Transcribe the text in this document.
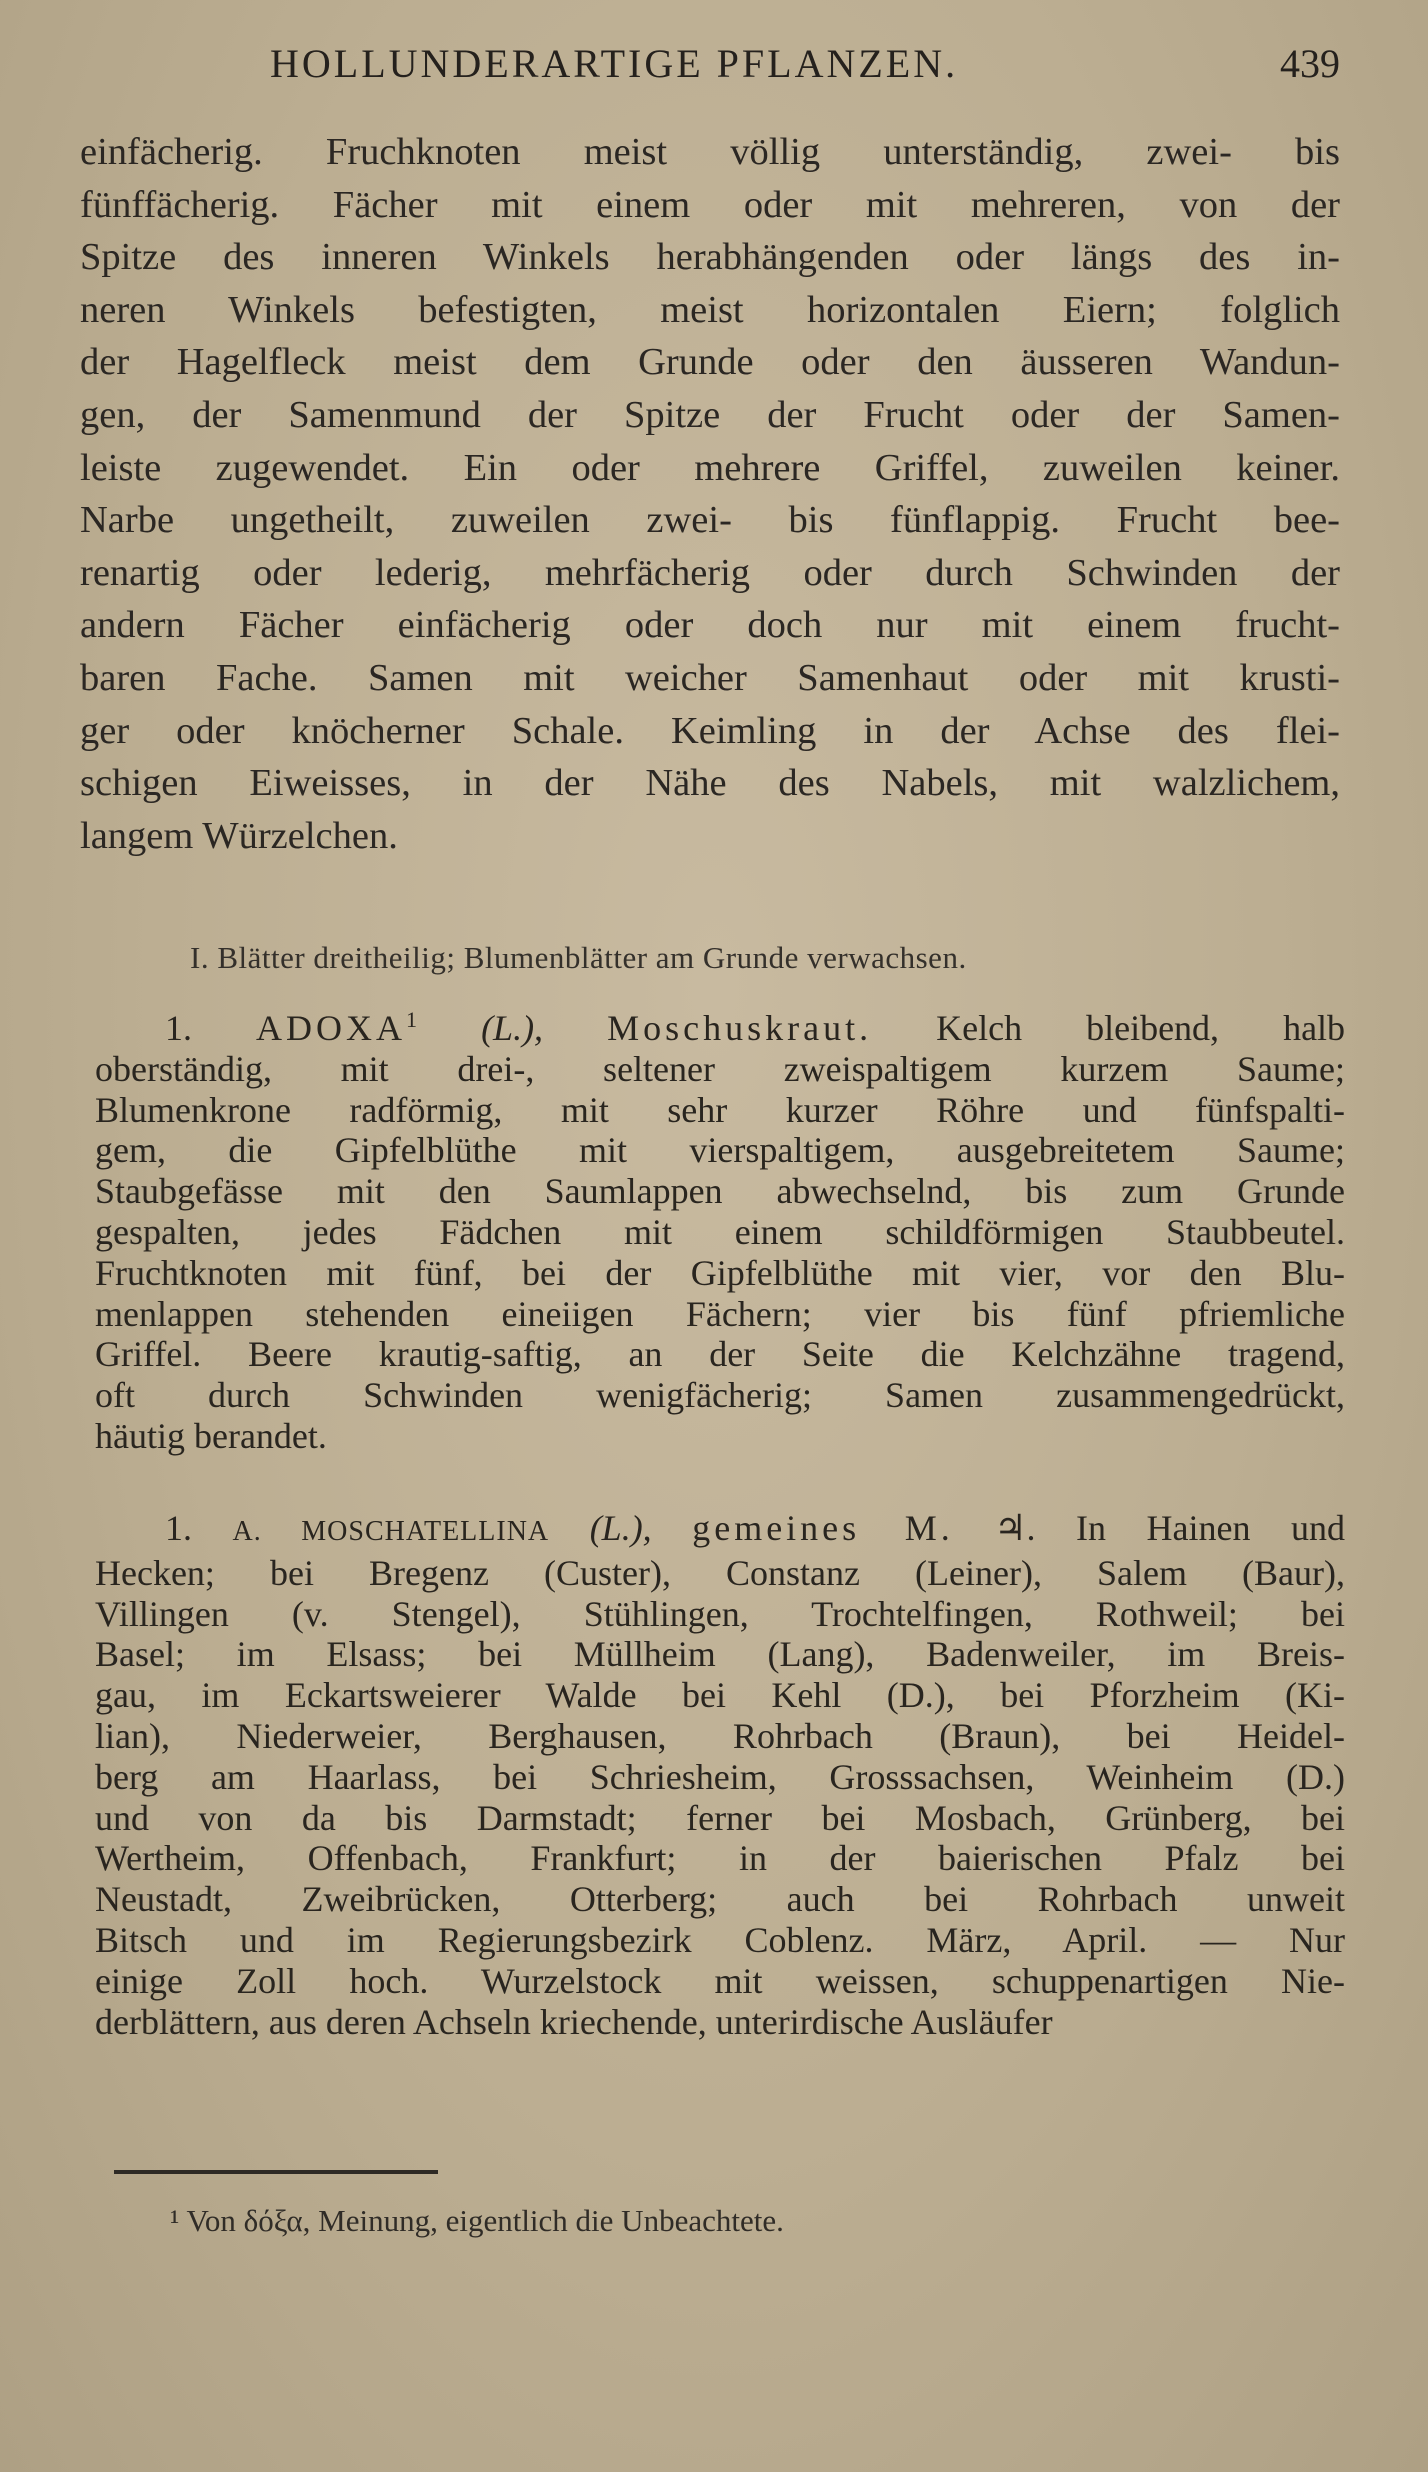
HOLLUNDERARTIGE PFLANZEN.	439
einfächerig. Fruchknoten meist völlig unterständig, zwei- bis
fünffächerig. Fächer mit einem oder mit mehreren, von der
Spitze des inneren Winkels herabhängenden oder längs des in-
neren Winkels befestigten, meist horizontalen Eiern; folglich
der Hagelfleck meist dem Grunde oder den äusseren Wandun-
gen, der Samenmund der Spitze der Frucht oder der Samen-
leiste zugewendet. Ein oder mehrere Griffel, zuweilen keiner.
Narbe ungetheilt, zuweilen zwei- bis fünflappig. Frucht bee-
renartig oder lederig, mehrfächerig oder durch Schwinden der
andern Fächer einfächerig oder doch nur mit einem frucht-
baren Fache. Samen mit weicher Samenhaut oder mit krusti-
ger oder knöcherner Schale. Keimling in der Achse des flei-
schigen Eiweisses, in der Nähe des Nabels, mit walzlichem,
langem Würzelchen.
I. Blätter dreitheilig; Blumenblätter am Grunde verwachsen.
1. ADOXA$^1$ (L.), Moschuskraut. Kelch bleibend, halb
oberständig, mit drei-, seltener zweispaltigem kurzem Saume;
Blumenkrone radförmig, mit sehr kurzer Röhre und fünfspalti-
gem, die Gipfelblüthe mit vierspaltigem, ausgebreitetem Saume;
Staubgefässe mit den Saumlappen abwechselnd, bis zum Grunde
gespalten, jedes Fädchen mit einem schildförmigen Staubbeutel.
Fruchtknoten mit fünf, bei der Gipfelblüthe mit vier, vor den Blu-
menlappen stehenden eineiigen Fächern; vier bis fünf pfriemliche
Griffel. Beere krautig-saftig, an der Seite die Kelchzähne tragend,
oft durch Schwinden wenigfächerig; Samen zusammengedrückt,
häutig berandet.
1. A. MOSCHATELLINA (L.), gemeines M. ♃. In Hainen und
Hecken; bei Bregenz (Custer), Constanz (Leiner), Salem (Baur),
Villingen (v. Stengel), Stühlingen, Trochtelfingen, Rothweil; bei
Basel; im Elsass; bei Müllheim (Lang), Badenweiler, im Breis-
gau, im Eckartsweierer Walde bei Kehl (D.), bei Pforzheim (Ki-
lian), Niederweier, Berghausen, Rohrbach (Braun), bei Heidel-
berg am Haarlass, bei Schriesheim, Grosssachsen, Weinheim (D.)
und von da bis Darmstadt; ferner bei Mosbach, Grünberg, bei
Wertheim, Offenbach, Frankfurt; in der baierischen Pfalz bei
Neustadt, Zweibrücken, Otterberg; auch bei Rohrbach unweit
Bitsch und im Regierungsbezirk Coblenz. März, April. — Nur
einige Zoll hoch. Wurzelstock mit weissen, schuppenartigen Nie-
derblättern, aus deren Achseln kriechende, unterirdische Ausläufer
¹ Von δόξα, Meinung, eigentlich die Unbeachtete.
